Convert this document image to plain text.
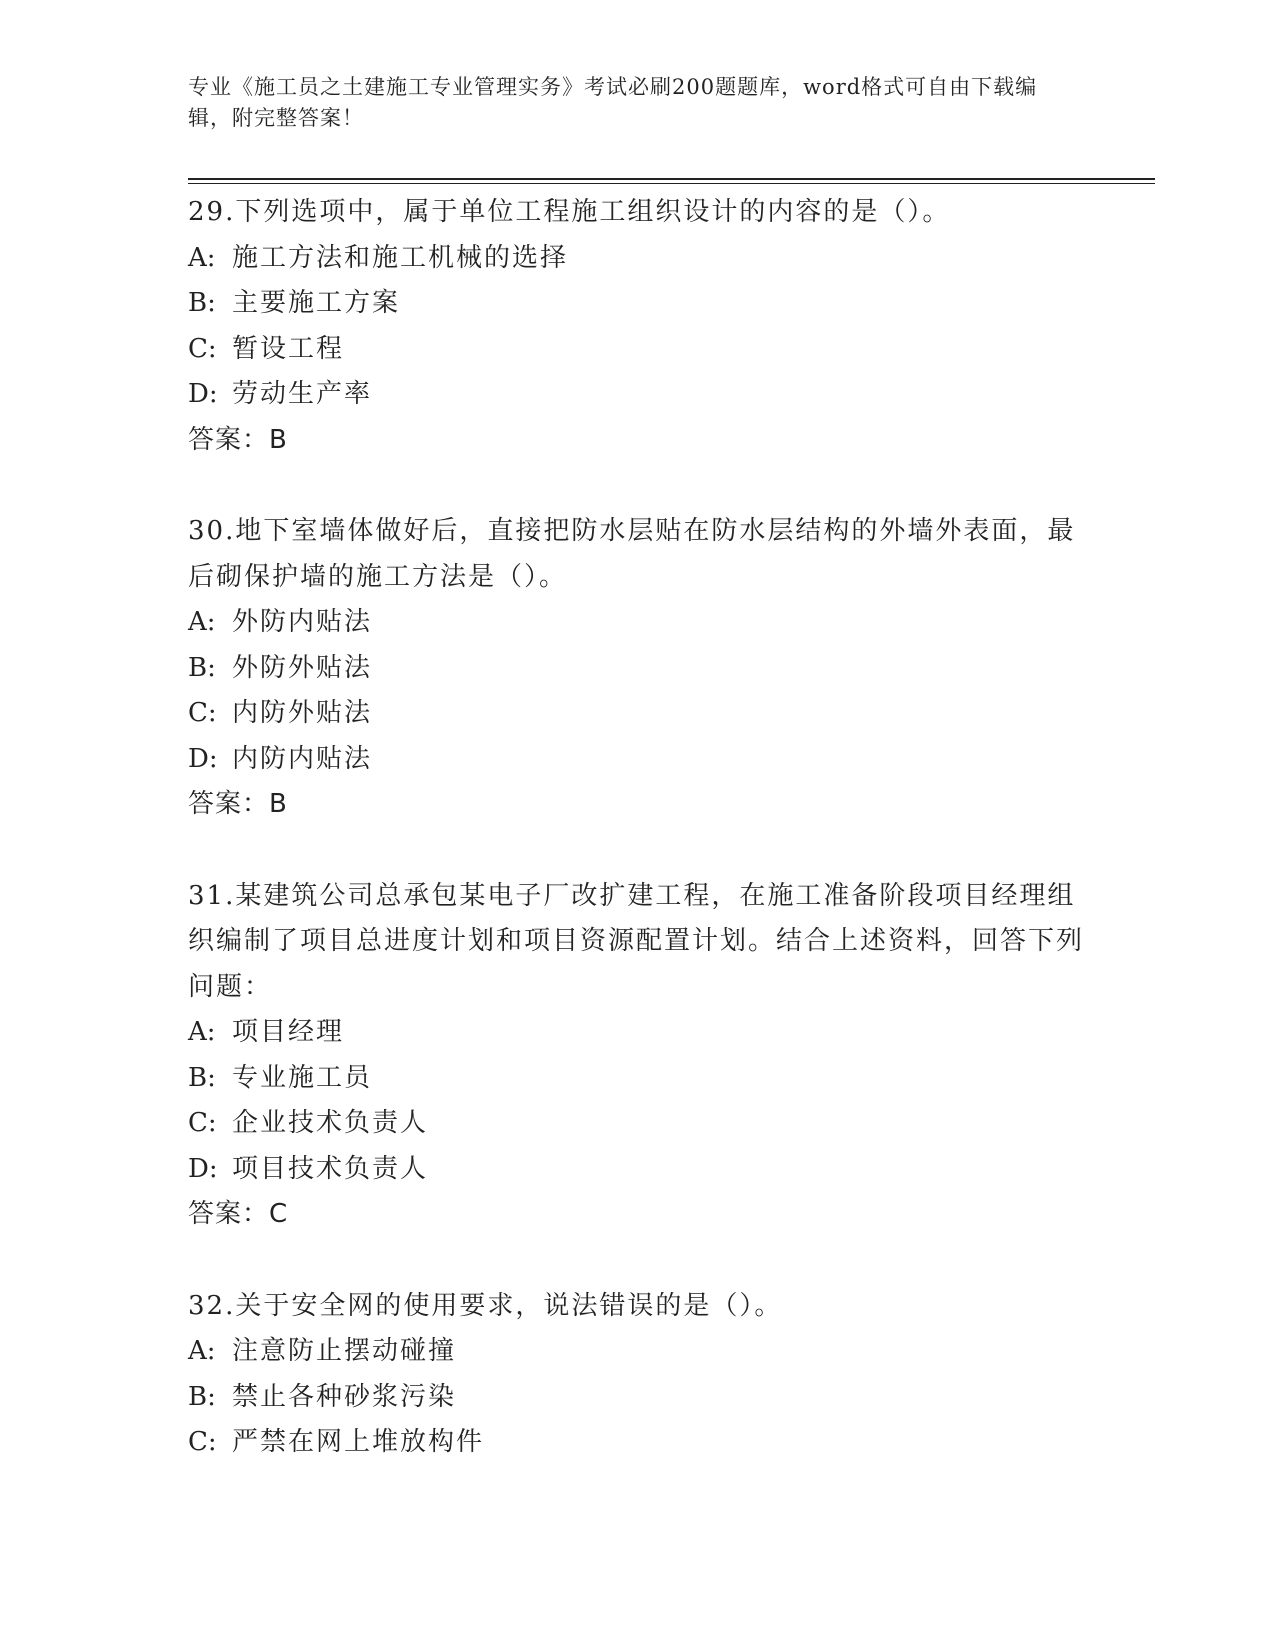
专业《施工员之土建施工专业管理实务》考试必刷200题题库，word格式可自由下载编辑，附完整答案！

29.下列选项中，属于单位工程施工组织设计的内容的是（）。

A: 施工方法和施工机械的选择

B: 主要施工方案

C: 暂设工程

D: 劳动生产率

答案：B

30.地下室墙体做好后，直接把防水层贴在防水层结构的外墙外表面，最后砌保护墙的施工方法是（）。

A: 外防内贴法

B: 外防外贴法

C: 内防外贴法

D: 内防内贴法

答案：B

31.某建筑公司总承包某电子厂改扩建工程，在施工准备阶段项目经理组织编制了项目总进度计划和项目资源配置计划。结合上述资料，回答下列问题：

A: 项目经理

B: 专业施工员

C: 企业技术负责人

D: 项目技术负责人

答案：C

32.关于安全网的使用要求，说法错误的是（）。

A: 注意防止摆动碰撞

B: 禁止各种砂浆污染

C: 严禁在网上堆放构件
